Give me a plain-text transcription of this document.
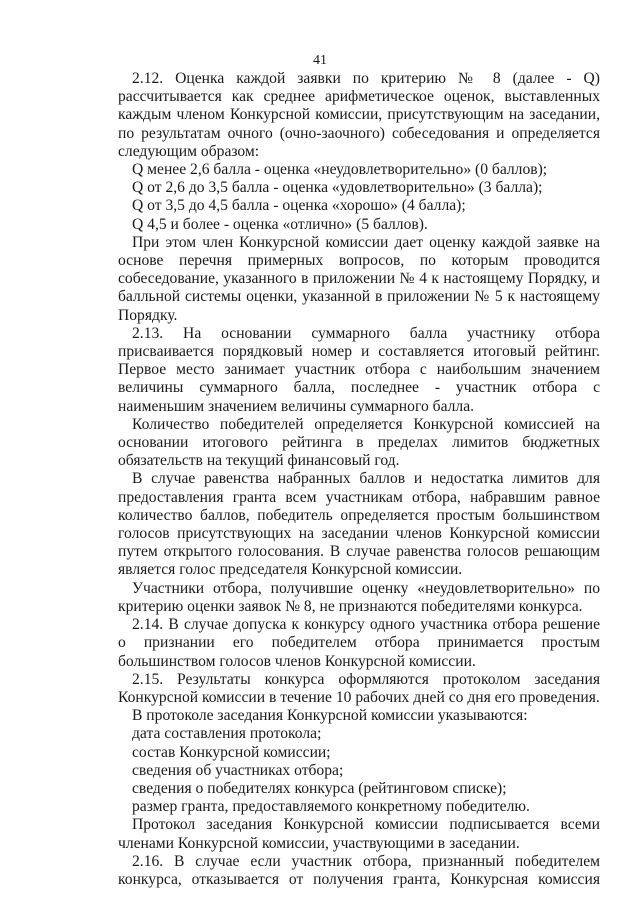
41

2.12. Оценка каждой заявки по критерию № 8 (далее - Q) рассчитывается как среднее арифметическое оценок, выставленных каждым членом Конкурсной комиссии, присутствующим на заседании, по результатам очного (очно-заочного) собеседования и определяется следующим образом:

Q менее 2,6 балла - оценка «неудовлетворительно» (0 баллов);

Q от 2,6 до 3,5 балла - оценка «удовлетворительно» (3 балла);

Q от 3,5 до 4,5 балла - оценка «хорошо» (4 балла);

Q 4,5 и более - оценка «отлично» (5 баллов).

При этом член Конкурсной комиссии дает оценку каждой заявке на основе перечня примерных вопросов, по которым проводится собеседование, указанного в приложении № 4 к настоящему Порядку, и балльной системы оценки, указанной в приложении № 5 к настоящему Порядку.

2.13. На основании суммарного балла участнику отбора присваивается порядковый номер и составляется итоговый рейтинг. Первое место занимает участник отбора с наибольшим значением величины суммарного балла, последнее - участник отбора с наименьшим значением величины суммарного балла.

Количество победителей определяется Конкурсной комиссией на основании итогового рейтинга в пределах лимитов бюджетных обязательств на текущий финансовый год.

В случае равенства набранных баллов и недостатка лимитов для предоставления гранта всем участникам отбора, набравшим равное количество баллов, победитель определяется простым большинством голосов присутствующих на заседании членов Конкурсной комиссии путем открытого голосования. В случае равенства голосов решающим является голос председателя Конкурсной комиссии.

Участники отбора, получившие оценку «неудовлетворительно» по критерию оценки заявок № 8, не признаются победителями конкурса.

2.14. В случае допуска к конкурсу одного участника отбора решение о признании его победителем отбора принимается простым большинством голосов членов Конкурсной комиссии.

2.15. Результаты конкурса оформляются протоколом заседания Конкурсной комиссии в течение 10 рабочих дней со дня его проведения.

В протоколе заседания Конкурсной комиссии указываются:

дата составления протокола;

состав Конкурсной комиссии;

сведения об участниках отбора;

сведения о победителях конкурса (рейтинговом списке);

размер гранта, предоставляемого конкретному победителю.

Протокол заседания Конкурсной комиссии подписывается всеми членами Конкурсной комиссии, участвующими в заседании.

2.16. В случае если участник отбора, признанный победителем конкурса, отказывается от получения гранта, Конкурсная комиссия
